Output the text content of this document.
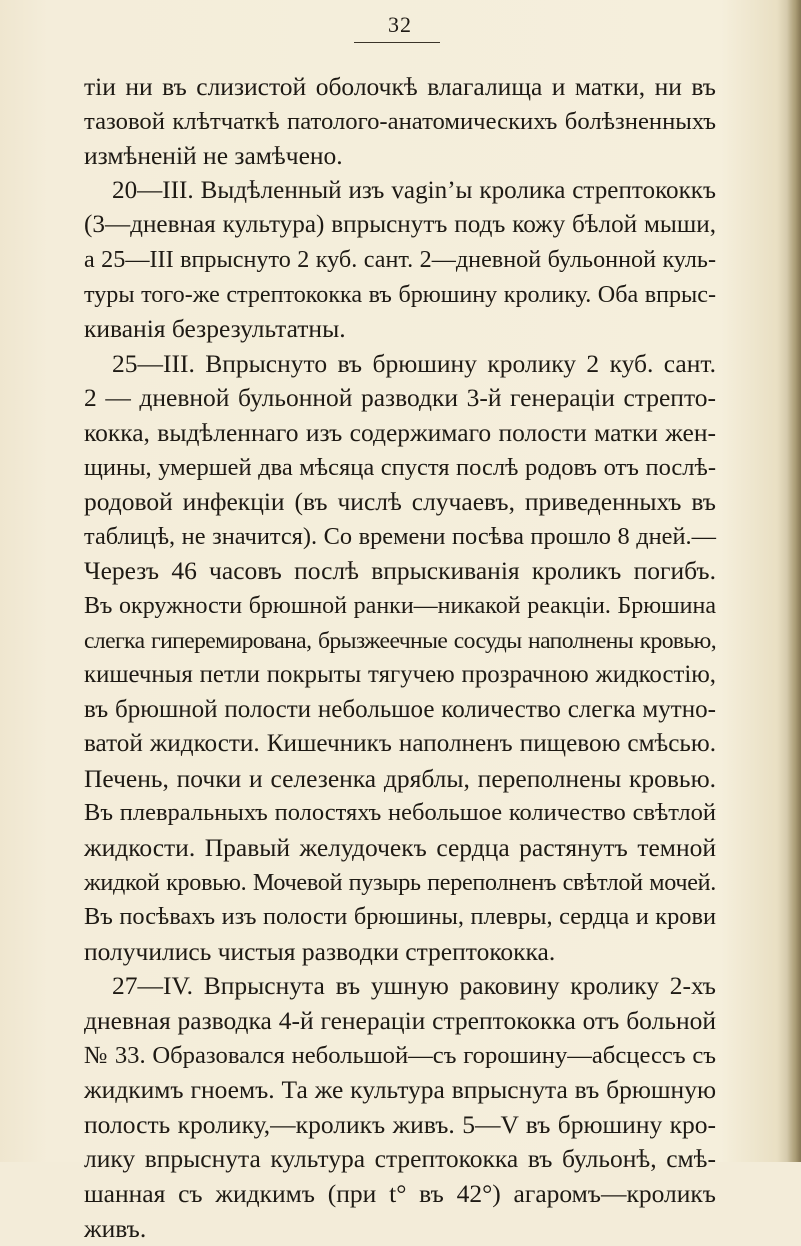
32
тіи ни въ слизистой оболочкѣ влагалища и матки, ни въ
тазовой клѣтчаткѣ патолого-анатомическихъ болѣзненныхъ
измѣненій не замѣчено.
20—III. Выдѣленный изъ vagin’ы кролика стрептококкъ
(3—дневная культура) впрыснутъ подъ кожу бѣлой мыши,
а 25—III впрыснуто 2 куб. сант. 2—дневной бульонной куль-
туры того-же стрептококка въ брюшину кролику. Оба впрыс-
киванія безрезультатны.
25—III. Впрыснуто въ брюшину кролику 2 куб. сант.
2 — дневной бульонной разводки 3-й генераціи стрепто-
кокка, выдѣленнаго изъ содержимаго полости матки жен-
щины, умершей два мѣсяца спустя послѣ родовъ отъ послѣ-
родовой инфекціи (въ числѣ случаевъ, приведенныхъ въ
таблицѣ, не значится). Со времени посѣва прошло 8 дней.—
Черезъ 46 часовъ послѣ впрыскиванія кроликъ погибъ.
Въ окружности брюшной ранки—никакой реакціи. Брюшина
слегка гиперемирована, брызжеечные сосуды наполнены кровью,
кишечныя петли покрыты тягучею прозрачною жидкостію,
въ брюшной полости небольшое количество слегка мутно-
ватой жидкости. Кишечникъ наполненъ пищевою смѣсью.
Печень, почки и селезенка дряблы, переполнены кровью.
Въ плевральныхъ полостяхъ небольшое количество свѣтлой
жидкости. Правый желудочекъ сердца растянутъ темной
жидкой кровью. Мочевой пузырь переполненъ свѣтлой мочей.
Въ посѣвахъ изъ полости брюшины, плевры, сердца и крови
получились чистыя разводки стрептококка.
27—IV. Впрыснута въ ушную раковину кролику 2-хъ
дневная разводка 4-й генераціи стрептококка отъ больной
№ 33. Образовался небольшой—съ горошину—абсцессъ съ
жидкимъ гноемъ. Та же культура впрыснута въ брюшную
полость кролику,—кроликъ живъ. 5—V въ брюшину кро-
лику впрыснута культура стрептококка въ бульонѣ, смѣ-
шанная съ жидкимъ (при t° въ 42°) агаромъ—кроликъ
живъ.
